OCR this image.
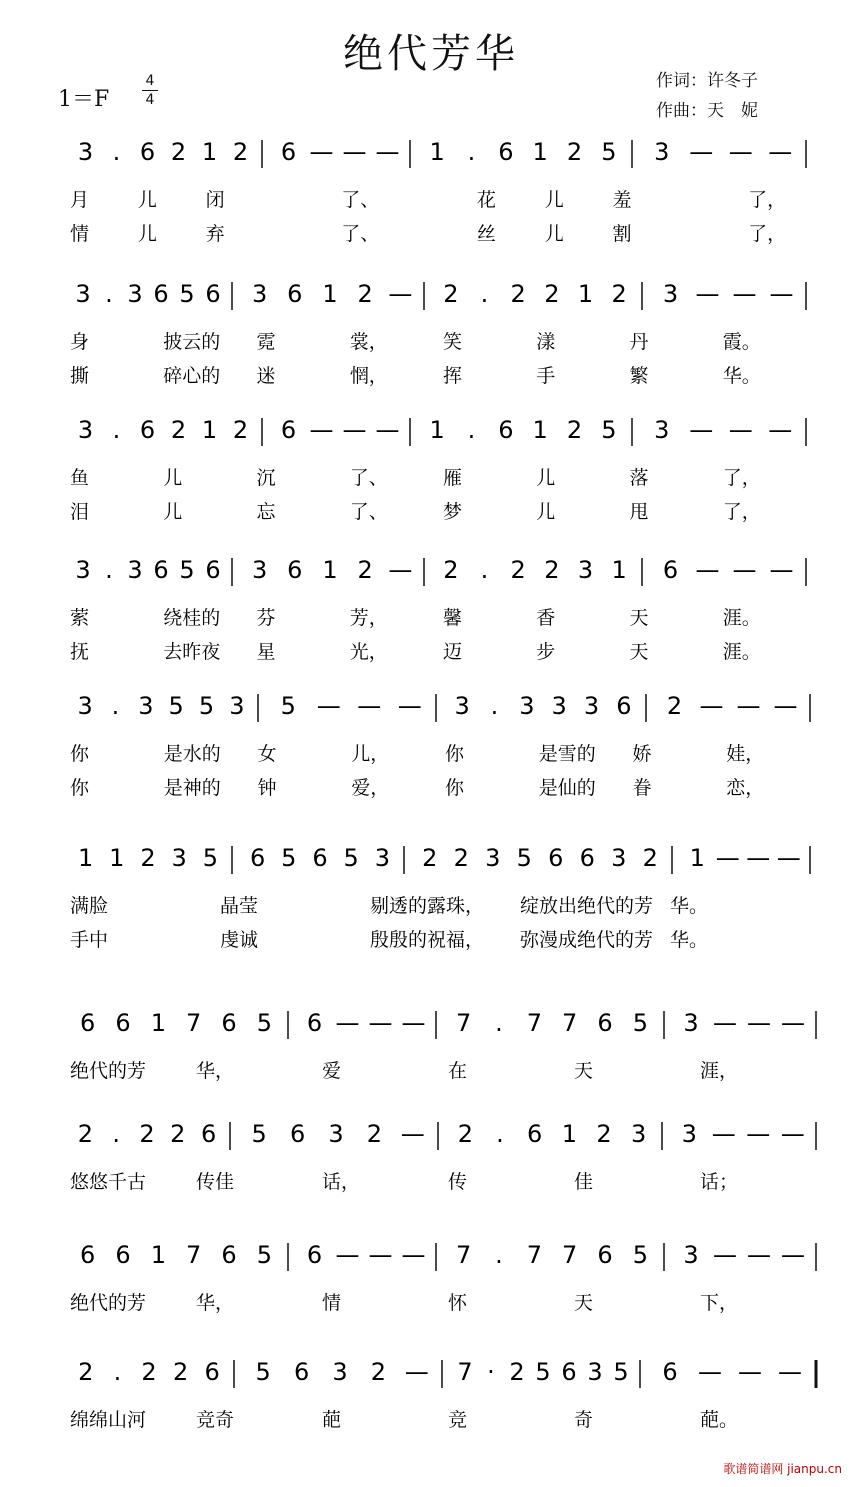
绝代芳华
1＝F
4
4
作词：许冬子
作曲：天　妮
3 . 6 2 1 2 6 — — — 1 . 6 1 2 5 3 — — —
月	儿	闭	了、	花	儿	羞	了，
情	儿	弃	了、	丝	儿	割	了，
3 . 3 6 5 6 3 6 1 2 — 2 . 2 2 1 2 3 — — —
身	披云的 霓	裳，	笑	漾	丹	霞。
撕	碎心的 迷	惘，	挥	手	繁	华。
3 . 6 2 1 2 6 — — — 1 . 6 1 2 5 3 — — —
鱼	儿	沉	了、	雁	儿	落	了，
泪	儿	忘	了、	梦	儿	甩	了，
3 . 3 6 5 6 3 6 1 2 — 2 . 2 2 3 1 6 — — —
萦	绕桂的 芬	芳，	馨	香	天	涯。
抚	去昨夜 星	光，	迈	步	天	涯。
3 . 3 5 5 3 5 — — — 3 . 3 3 3 6 2 — — —
你	是水的 女	儿，	你	是雪的 娇	娃，
你	是神的 钟	爱，	你	是仙的 眷	恋，
1 1 2 3 5 6 5 6 5 3 2 2 3 5 6 6 3 2 1 — — —
满脸	晶莹	剔透的露珠， 绽放出绝代的芳 华。
手中	虔诚	殷殷的祝福， 弥漫成绝代的芳 华。
6 6 1 7 6 5 6 — — — 7 . 7 7 6 5 3 — — —
绝代的芳	华，	爱	在	天	涯，
2 . 2 2 6 5 6 3 2 — 2 . 6 1 2 3 3 — — —
悠悠千古	传佳	话，	传	佳	话；
6 6 1 7 6 5 6 — — — 7 . 7 7 6 5 3 — — —
绝代的芳	华，	情	怀	天	下，
2 . 2 2 6 5 6 3 2 — 7 · 2 5 6 3 5 6 — — —
绵绵山河	竞奇	葩	竞	奇	葩。
歌谱简谱网 jianpu.cn
